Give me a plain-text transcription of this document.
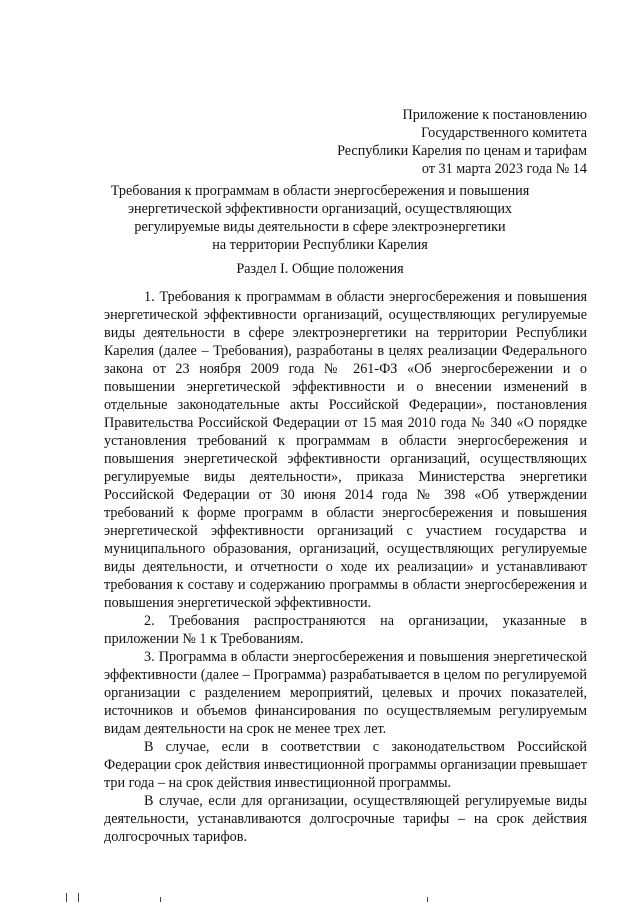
Приложение к постановлению
Государственного комитета
Республики Карелия по ценам и тарифам
от 31 марта 2023 года № 14
Требования к программам в области энергосбережения и повышения
энергетической эффективности организаций, осуществляющих
регулируемые виды деятельности в сфере электроэнергетики
на территории Республики Карелия
Раздел I. Общие положения

1. Требования к программам в области энергосбережения и повышения энергетической эффективности организаций, осуществляющих регулируемые виды деятельности в сфере электроэнергетики на территории Республики Карелия (далее – Требования), разработаны в целях реализации Федерального закона от 23 ноября 2009 года № 261-ФЗ «Об энергосбережении и о повышении энергетической эффективности и о внесении изменений в отдельные законодательные акты Российской Федерации», постановления Правительства Российской Федерации от 15 мая 2010 года № 340 «О порядке установления требований к программам в области энергосбережения и повышения энергетической эффективности организаций, осуществляющих регулируемые виды деятельности», приказа Министерства энергетики Российской Федерации от 30 июня 2014 года № 398 «Об утверждении требований к форме программ в области энергосбережения и повышения энергетической эффективности организаций с участием государства и муниципального образования, организаций, осуществляющих регулируемые виды деятельности, и отчетности о ходе их реализации» и устанавливают требования к составу и содержанию программы в области энергосбережения и повышения энергетической эффективности.

2. Требования распространяются на организации, указанные в приложении № 1 к Требованиям.

3. Программа в области энергосбережения и повышения энергетической эффективности (далее – Программа) разрабатывается в целом по регулируемой организации с разделением мероприятий, целевых и прочих показателей, источников и объемов финансирования по осуществляемым регулируемым видам деятельности на срок не менее трех лет.

В случае, если в соответствии с законодательством Российской Федерации срок действия инвестиционной программы организации превышает три года – на срок действия инвестиционной программы.

В случае, если для организации, осуществляющей регулируемые виды деятельности, устанавливаются долгосрочные тарифы – на срок действия долгосрочных тарифов.
